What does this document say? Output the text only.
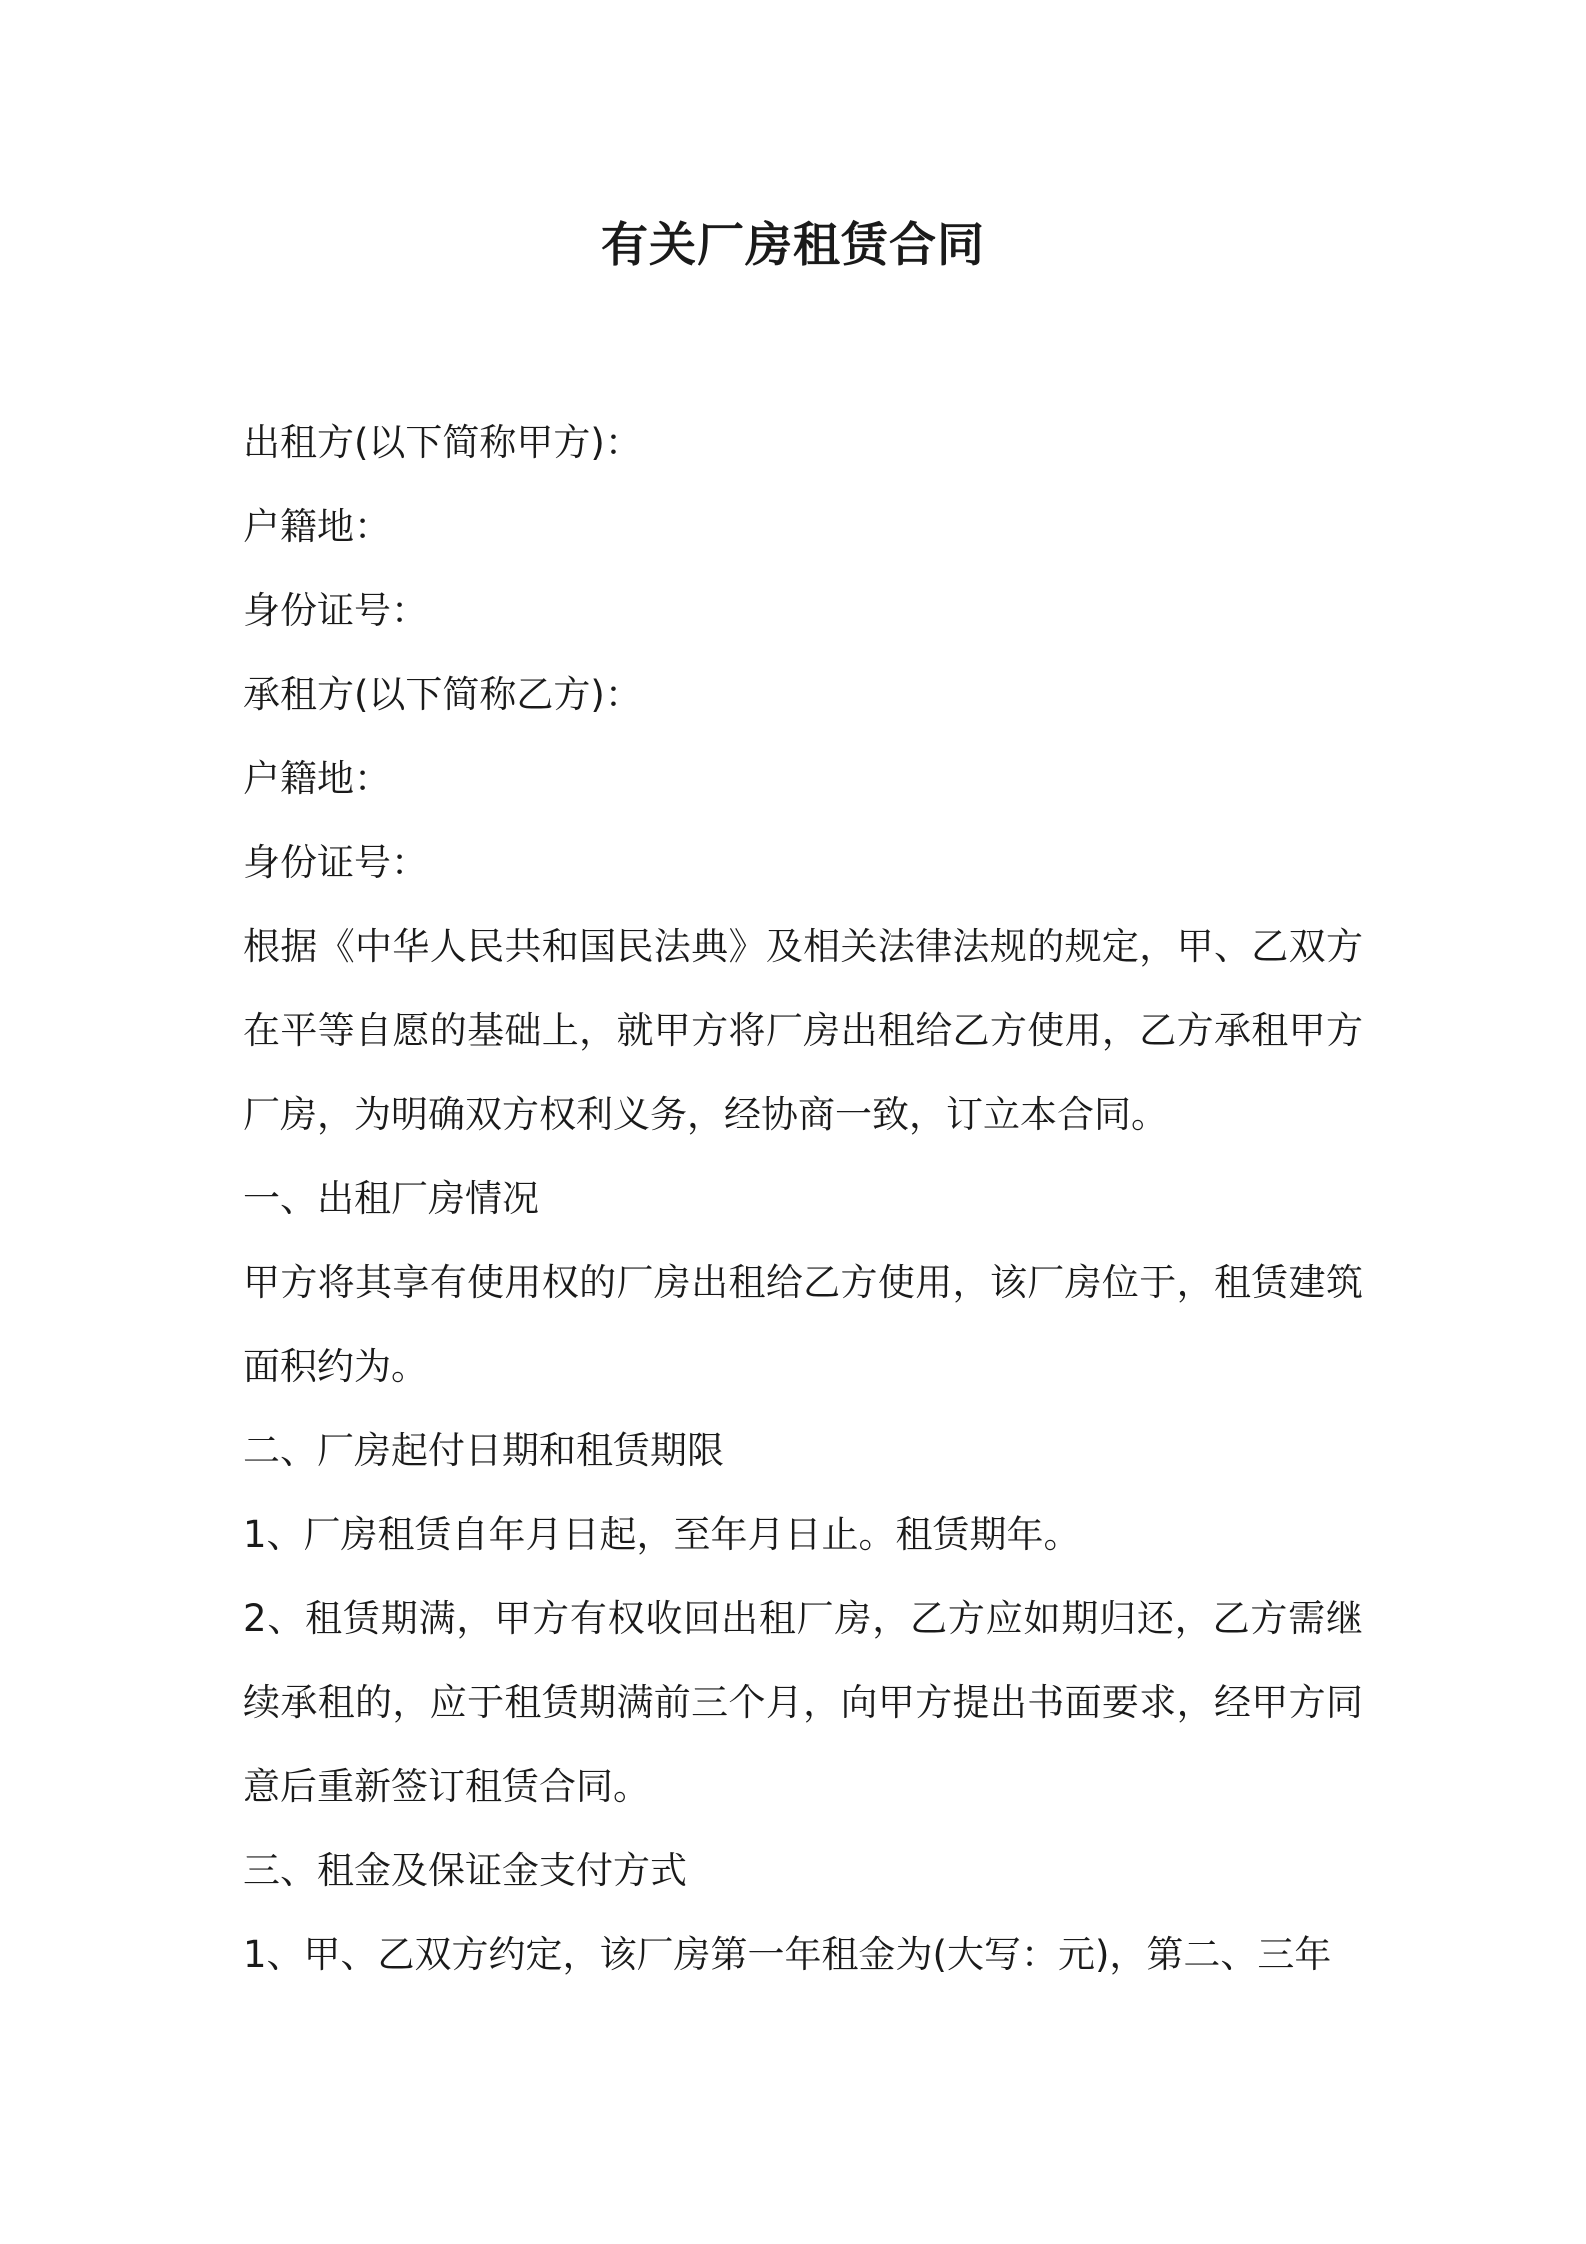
有关厂房租赁合同

出租方(以下简称甲方)：

户籍地：

身份证号：

承租方(以下简称乙方)：

户籍地：

身份证号：

根据《中华人民共和国民法典》及相关法律法规的规定，甲、乙双方在平等自愿的基础上，就甲方将厂房出租给乙方使用，乙方承租甲方厂房，为明确双方权利义务，经协商一致，订立本合同。

一、出租厂房情况

甲方将其享有使用权的厂房出租给乙方使用，该厂房位于，租赁建筑面积约为。

二、厂房起付日期和租赁期限

1、厂房租赁自年月日起，至年月日止。租赁期年。

2、租赁期满，甲方有权收回出租厂房，乙方应如期归还，乙方需继续承租的，应于租赁期满前三个月，向甲方提出书面要求，经甲方同意后重新签订租赁合同。

三、租金及保证金支付方式

1、甲、乙双方约定，该厂房第一年租金为(大写：元)，第二、三年
